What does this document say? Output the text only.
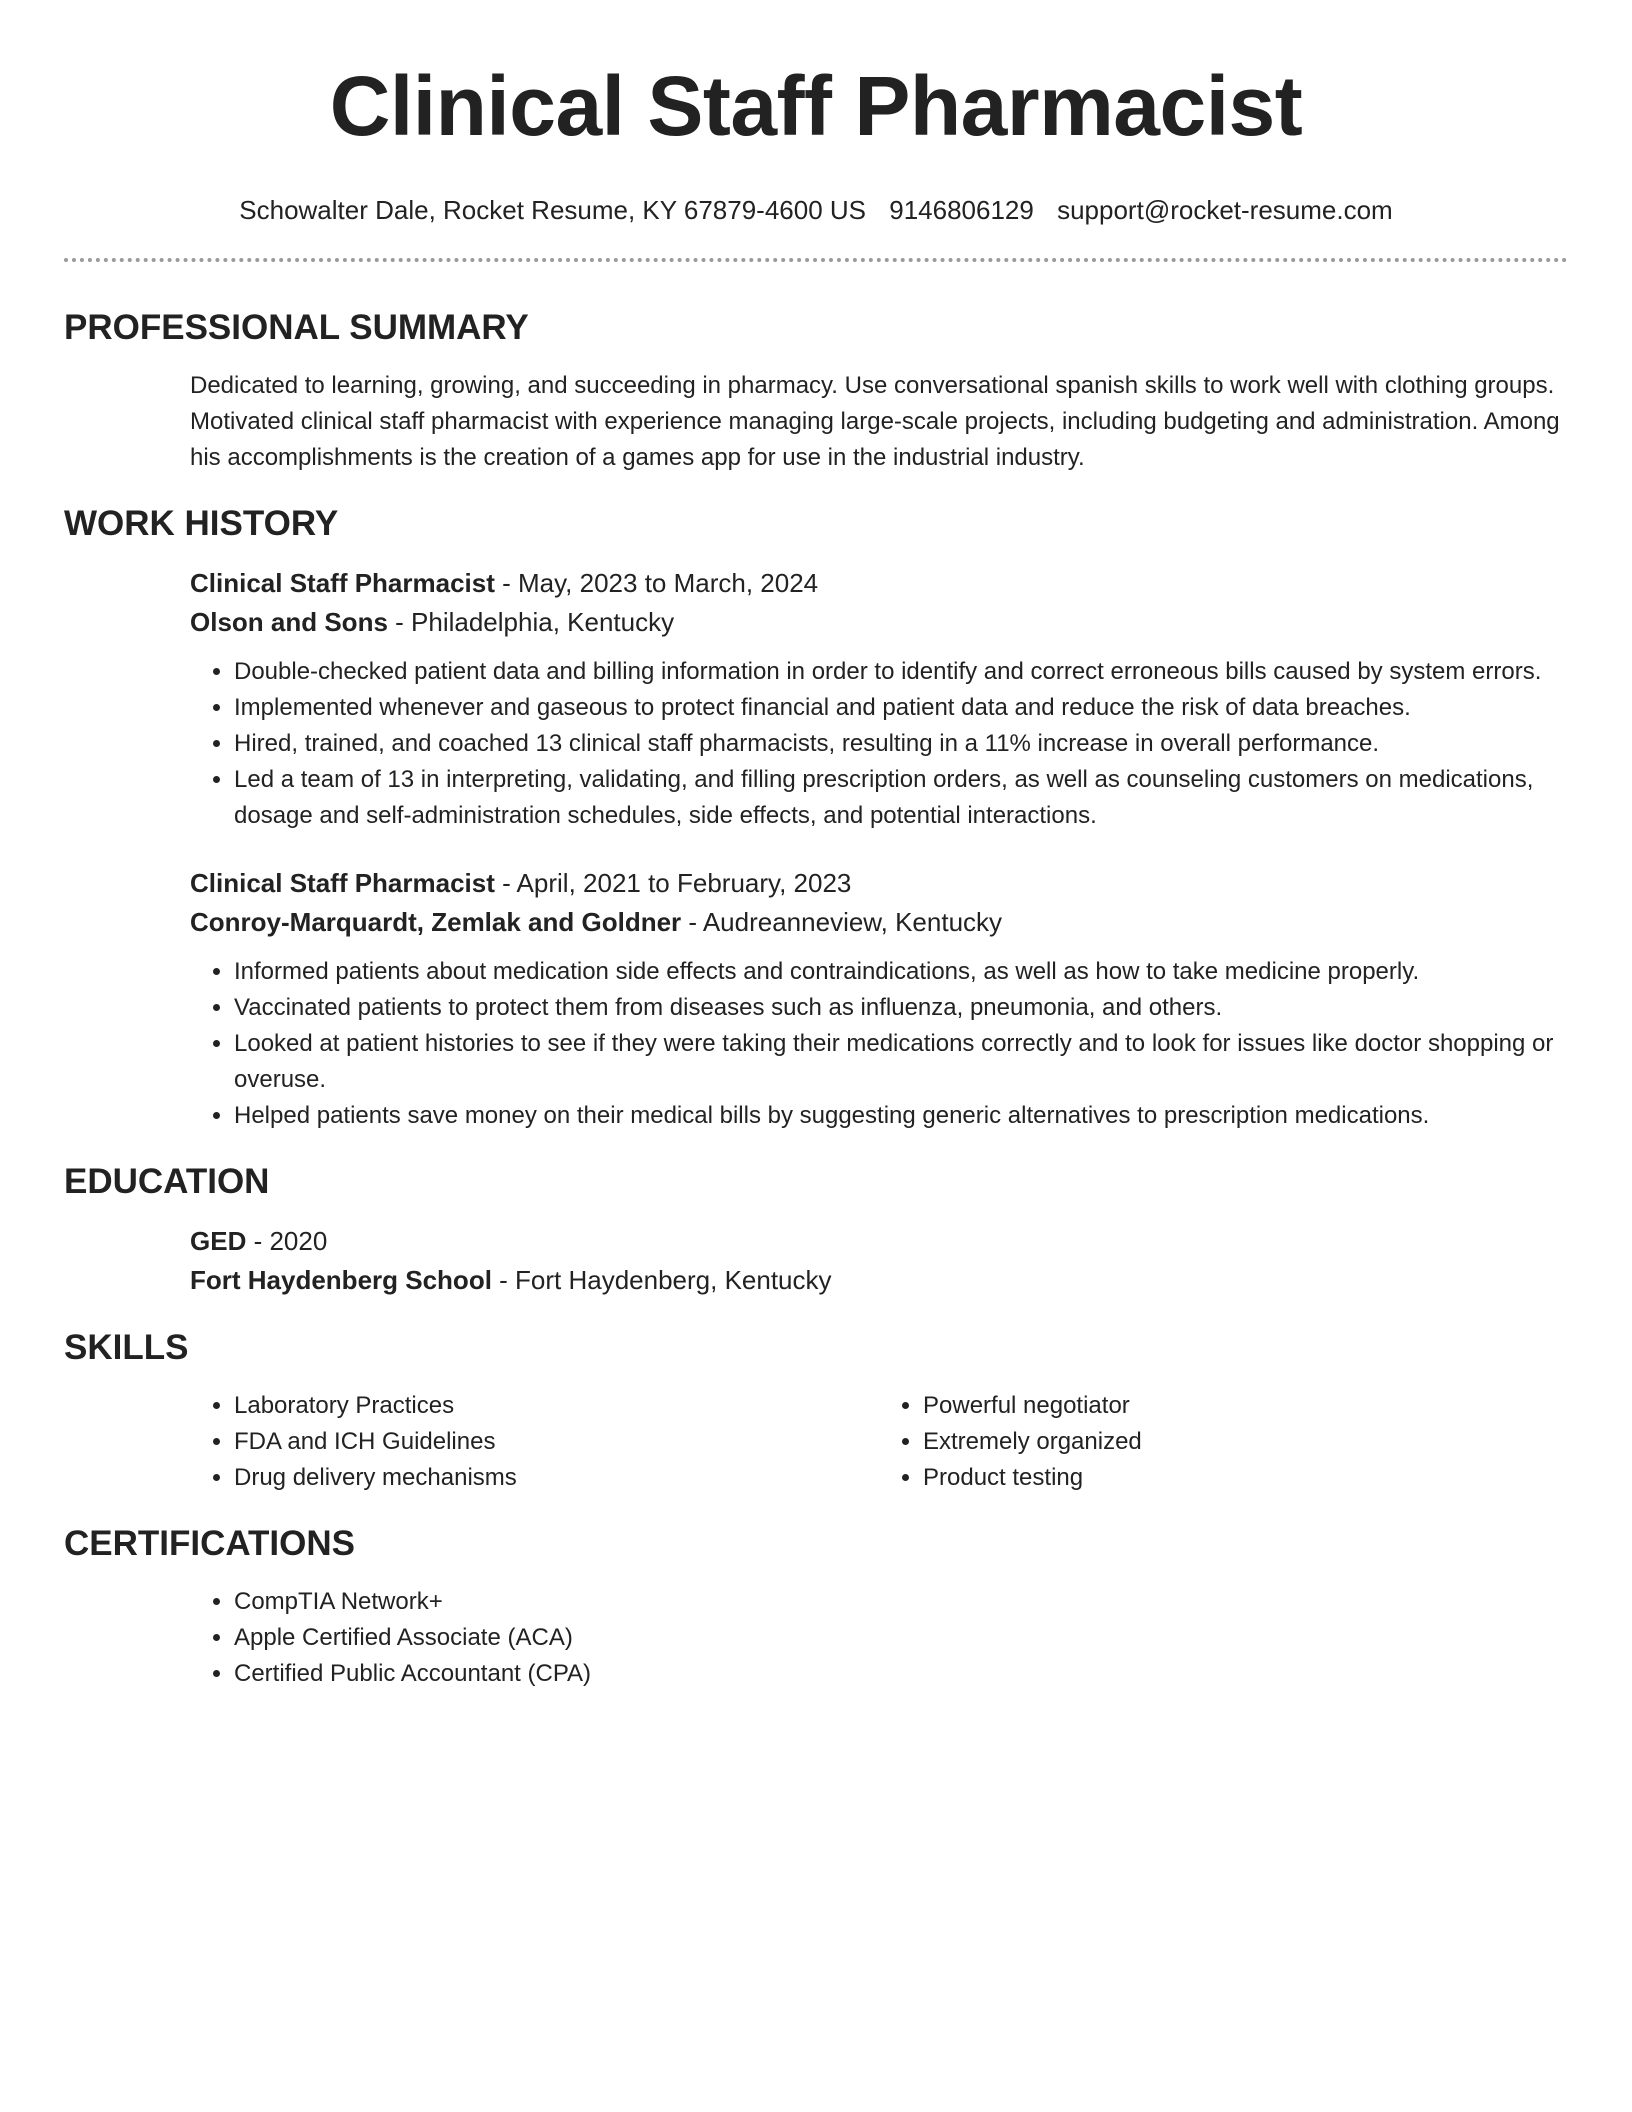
Clinical Staff Pharmacist
Schowalter Dale, Rocket Resume, KY 67879-4600 US 9146806129 support@rocket-resume.com
PROFESSIONAL SUMMARY

Dedicated to learning, growing, and succeeding in pharmacy. Use conversational spanish skills to work well with clothing groups. Motivated clinical staff pharmacist with experience managing large-scale projects, including budgeting and administration. Among his accomplishments is the creation of a games app for use in the industrial industry.

WORK HISTORY
Clinical Staff Pharmacist - May, 2023 to March, 2024
Olson and Sons - Philadelphia, Kentucky
• Double-checked patient data and billing information in order to identify and correct erroneous bills caused by system errors.
• Implemented whenever and gaseous to protect financial and patient data and reduce the risk of data breaches.
• Hired, trained, and coached 13 clinical staff pharmacists, resulting in a 11% increase in overall performance.
• Led a team of 13 in interpreting, validating, and filling prescription orders, as well as counseling customers on medications, dosage and self-administration schedules, side effects, and potential interactions.
Clinical Staff Pharmacist - April, 2021 to February, 2023
Conroy-Marquardt, Zemlak and Goldner - Audreanneview, Kentucky
• Informed patients about medication side effects and contraindications, as well as how to take medicine properly.
• Vaccinated patients to protect them from diseases such as influenza, pneumonia, and others.
• Looked at patient histories to see if they were taking their medications correctly and to look for issues like doctor shopping or overuse.
• Helped patients save money on their medical bills by suggesting generic alternatives to prescription medications.
EDUCATION
GED - 2020
Fort Haydenberg School - Fort Haydenberg, Kentucky
SKILLS
• Laboratory Practices
• FDA and ICH Guidelines
• Drug delivery mechanisms
• Powerful negotiator
• Extremely organized
• Product testing
CERTIFICATIONS
• CompTIA Network+
• Apple Certified Associate (ACA)
• Certified Public Accountant (CPA)
